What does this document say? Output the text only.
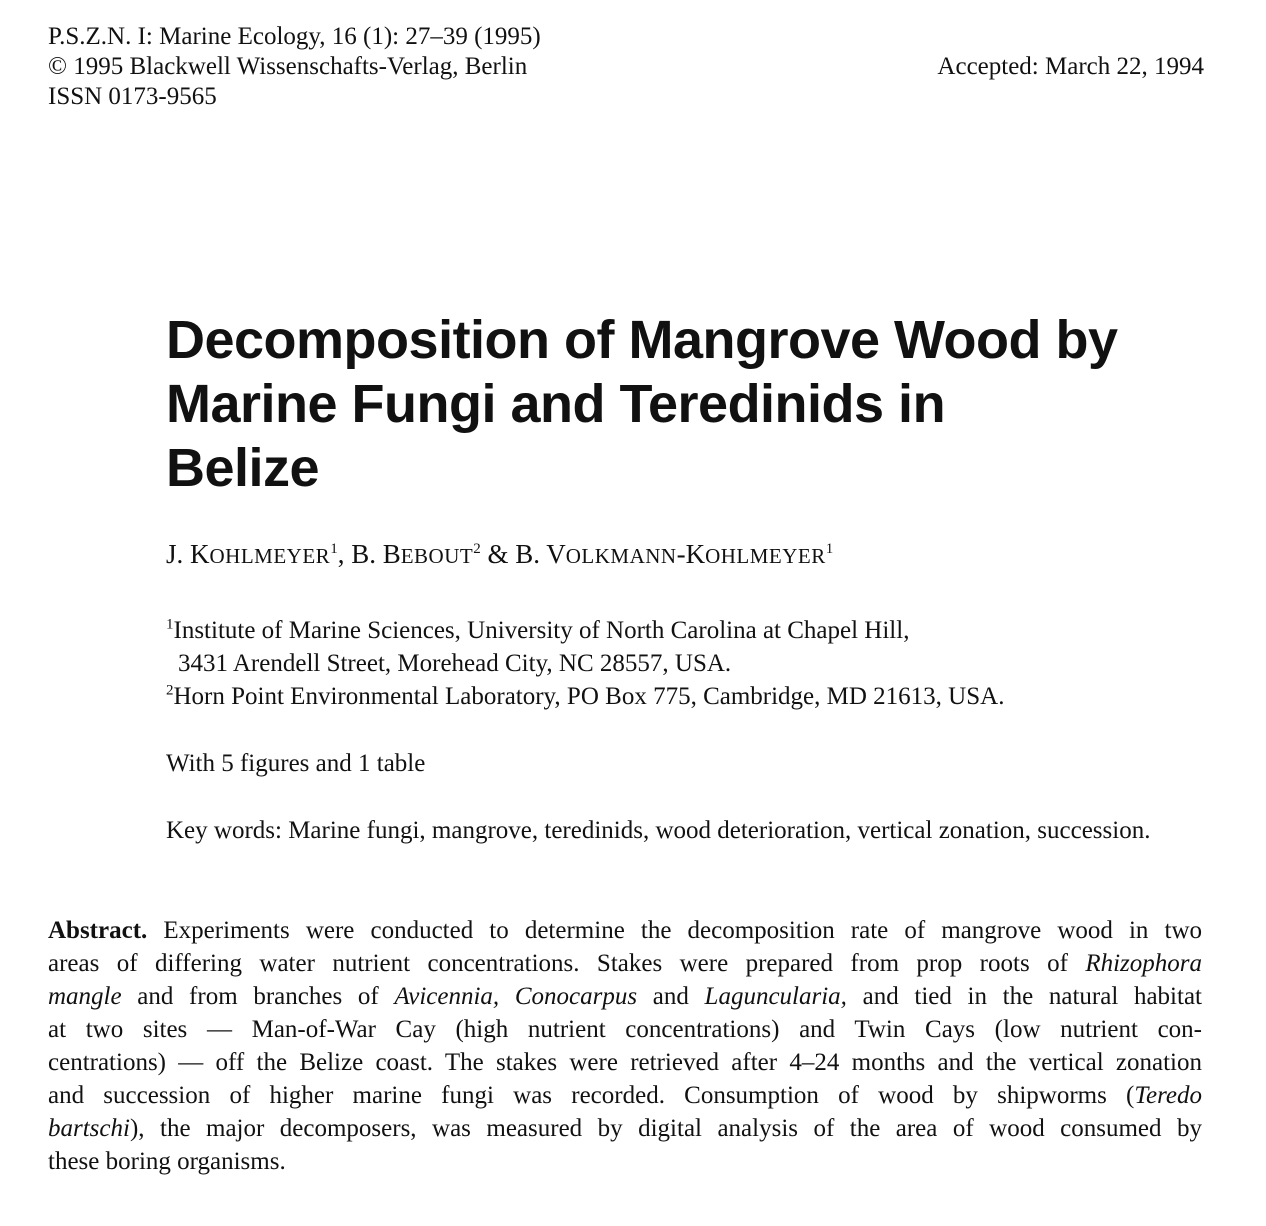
P.S.Z.N. I: Marine Ecology, 16 (1): 27–39 (1995)
© 1995 Blackwell Wissenschafts-Verlag, Berlin
ISSN 0173-9565
Accepted: March 22, 1994
Decomposition of Mangrove Wood by
Marine Fungi and Teredinids in
Belize
J. KOHLMEYER$^1$, B. BEBOUT$^2$ & B. VOLKMANN-KOHLMEYER$^1$
$^1$Institute of Marine Sciences, University of North Carolina at Chapel Hill,
3431 Arendell Street, Morehead City, NC 28557, USA.
$^2$Horn Point Environmental Laboratory, PO Box 775, Cambridge, MD 21613, USA.
With 5 figures and 1 table
Key words: Marine fungi, mangrove, teredinids, wood deterioration, vertical zonation, succession.
Abstract. Experiments were conducted to determine the decomposition rate of mangrove wood in two
areas of differing water nutrient concentrations. Stakes were prepared from prop roots of Rhizophora
mangle and from branches of Avicennia, Conocarpus and Laguncularia, and tied in the natural habitat
at two sites — Man-of-War Cay (high nutrient concentrations) and Twin Cays (low nutrient con-
centrations) — off the Belize coast. The stakes were retrieved after 4–24 months and the vertical zonation
and succession of higher marine fungi was recorded. Consumption of wood by shipworms (Teredo
bartschi), the major decomposers, was measured by digital analysis of the area of wood consumed by
these boring organisms.
